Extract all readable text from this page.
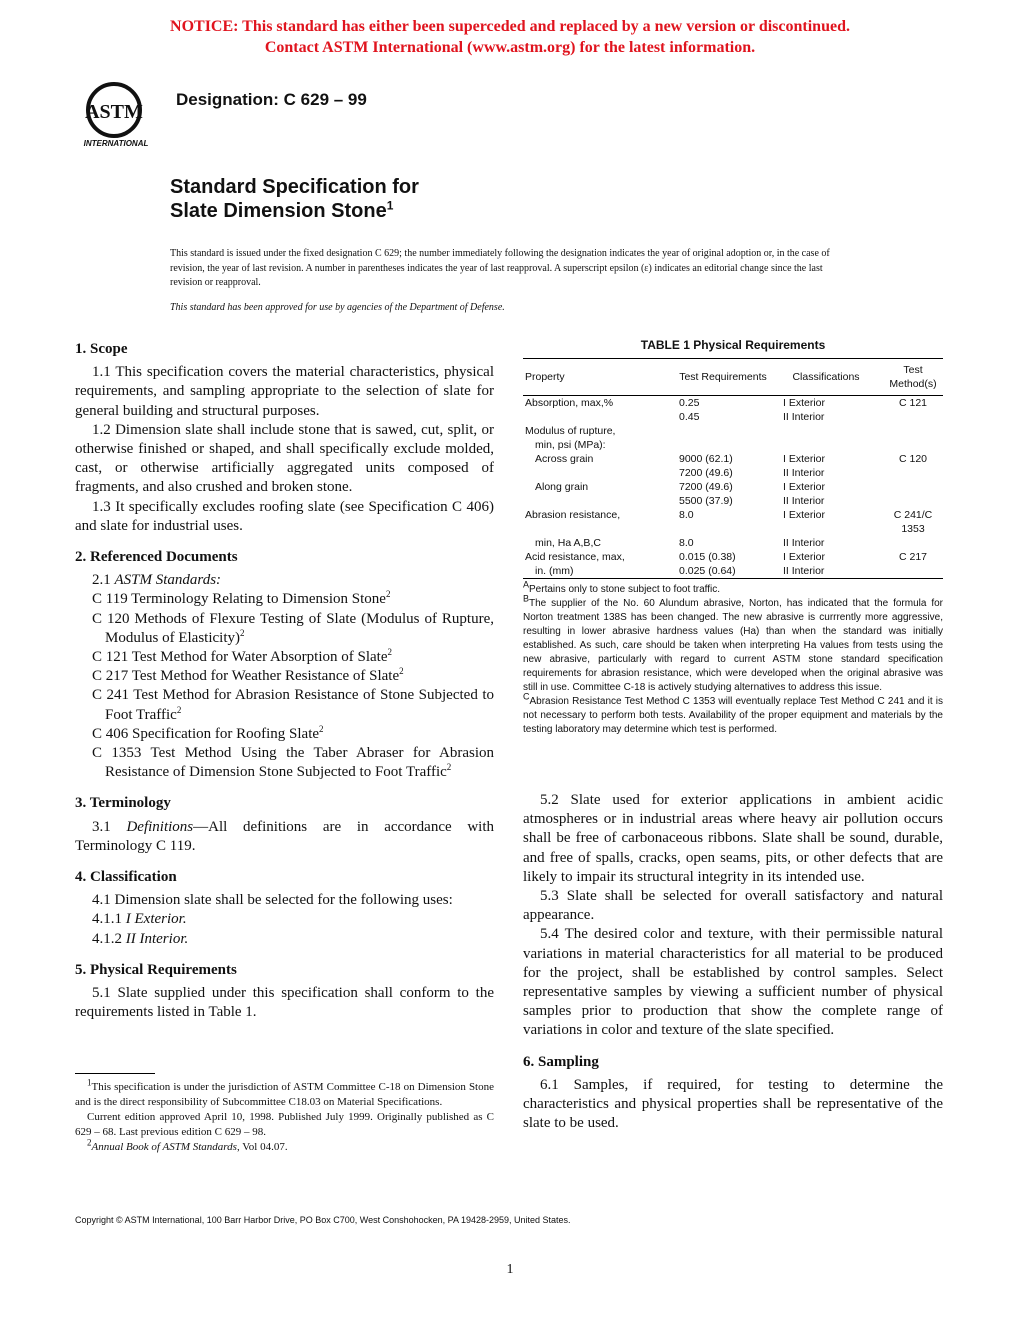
NOTICE: This standard has either been superceded and replaced by a new version or discontinued.
Contact ASTM International (www.astm.org) for the latest information.
ASTM
INTERNATIONAL
Designation: C 629 – 99
Standard Specification for
Slate Dimension Stone$^1$
This standard is issued under the fixed designation C 629; the number immediately following the designation indicates the year of original adoption or, in the case of revision, the year of last revision. A number in parentheses indicates the year of last reapproval. A superscript epsilon (ε) indicates an editorial change since the last revision or reapproval.
This standard has been approved for use by agencies of the Department of Defense.
1. Scope

1.1 This specification covers the material characteristics, physical requirements, and sampling appropriate to the selection of slate for general building and structural purposes.

1.2 Dimension slate shall include stone that is sawed, cut, split, or otherwise finished or shaped, and shall specifically exclude molded, cast, or otherwise artificially aggregated units composed of fragments, and also crushed and broken stone.

1.3 It specifically excludes roofing slate (see Specification C 406) and slate for industrial uses.

2. Referenced Documents

2.1 ASTM Standards:

C 119 Terminology Relating to Dimension Stone$^2$

C 120 Methods of Flexure Testing of Slate (Modulus of Rupture, Modulus of Elasticity)$^2$

C 121 Test Method for Water Absorption of Slate$^2$

C 217 Test Method for Weather Resistance of Slate$^2$

C 241 Test Method for Abrasion Resistance of Stone Subjected to Foot Traffic$^2$

C 406 Specification for Roofing Slate$^2$

C 1353 Test Method Using the Taber Abraser for Abrasion Resistance of Dimension Stone Subjected to Foot Traffic$^2$

3. Terminology

3.1 Definitions—All definitions are in accordance with Terminology C 119.

4. Classification

4.1 Dimension slate shall be selected for the following uses:

4.1.1 I Exterior.

4.1.2 II Interior.

5. Physical Requirements

5.1 Slate supplied under this specification shall conform to the requirements listed in Table 1.

$^1$This specification is under the jurisdiction of ASTM Committee C-18 on Dimension Stone and is the direct responsibility of Subcommittee C18.03 on Material Specifications.

Current edition approved April 10, 1998. Published July 1999. Originally published as C 629 – 68. Last previous edition C 629 – 98.

$^2$Annual Book of ASTM Standards, Vol 04.07.

TABLE 1 Physical Requirements
Property	Test Requirements	Classifications	Test Method(s)
Absorption, max,%	0.25	I Exterior	C 121
	0.45	II Interior	
Modulus of rupture,			
min, psi (MPa):			
Across grain	9000 (62.1)	I Exterior	C 120
	7200 (49.6)	II Interior	
Along grain	7200 (49.6)	I Exterior	
	5500 (37.9)	II Interior	
Abrasion resistance,	8.0	I Exterior	C 241/C
			1353
min, Ha A,B,C	8.0	II Interior	
Acid resistance, max,	0.015 (0.38)	I Exterior	C 217
in. (mm)	0.025 (0.64)	II Interior	

$^A$Pertains only to stone subject to foot traffic.

$^B$The supplier of the No. 60 Alundum abrasive, Norton, has indicated that the formula for Norton treatment 138S has been changed. The new abrasive is currrently more aggressive, resulting in lower abrasive hardness values (Ha) than when the standard was initially established. As such, care should be taken when interpreting Ha values from tests using the new abrasive, particularly with regard to current ASTM stone standard specification requirements for abrasion resistance, which were developed when the original abrasive was still in use. Committee C-18 is actively studying alternatives to address this issue.

$^C$Abrasion Resistance Test Method C 1353 will eventually replace Test Method C 241 and it is not necessary to perform both tests. Availability of the proper equipment and materials by the testing laboratory may determine which test is performed.

5.2 Slate used for exterior applications in ambient acidic atmospheres or in industrial areas where heavy air pollution occurs shall be free of carbonaceous ribbons. Slate shall be sound, durable, and free of spalls, cracks, open seams, pits, or other defects that are likely to impair its structural integrity in its intended use.

5.3 Slate shall be selected for overall satisfactory and natural appearance.

5.4 The desired color and texture, with their permissible natural variations in material characteristics for all material to be produced for the project, shall be established by control samples. Select representative samples by viewing a sufficient number of physical samples prior to production that show the complete range of variations in color and texture of the slate specified.

6. Sampling

6.1 Samples, if required, for testing to determine the characteristics and physical properties shall be representative of the slate to be used.

Copyright © ASTM International, 100 Barr Harbor Drive, PO Box C700, West Conshohocken, PA 19428-2959, United States.
1
